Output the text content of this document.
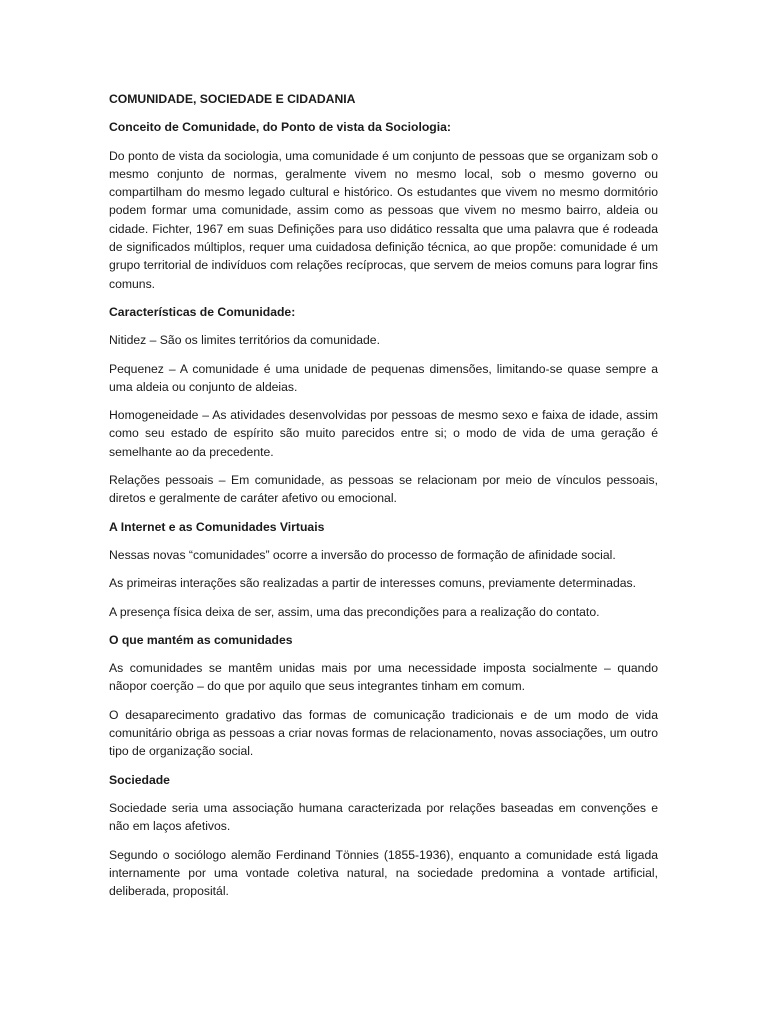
COMUNIDADE, SOCIEDADE E CIDADANIA

Conceito de Comunidade, do Ponto de vista da Sociologia:

Do ponto de vista da sociologia, uma comunidade é um conjunto de pessoas que se organizam sob o mesmo conjunto de normas, geralmente vivem no mesmo local, sob o mesmo governo ou compartilham do mesmo legado cultural e histórico. Os estudantes que vivem no mesmo dormitório podem formar uma comunidade, assim como as pessoas que vivem no mesmo bairro, aldeia ou cidade. Fichter, 1967 em suas Definições para uso didático ressalta que uma palavra que é rodeada de significados múltiplos, requer uma cuidadosa definição técnica, ao que propõe: comunidade é um grupo territorial de indivíduos com relações recíprocas, que servem de meios comuns para lograr fins comuns.

Características de Comunidade:

Nitidez – São os limites territórios da comunidade.

Pequenez – A comunidade é uma unidade de pequenas dimensões, limitando-se quase sempre a uma aldeia ou conjunto de aldeias.

Homogeneidade – As atividades desenvolvidas por pessoas de mesmo sexo e faixa de idade, assim como seu estado de espírito são muito parecidos entre si; o modo de vida de uma geração é semelhante ao da precedente.

Relações pessoais – Em comunidade, as pessoas se relacionam por meio de vínculos pessoais, diretos e geralmente de caráter afetivo ou emocional.

A Internet e as Comunidades Virtuais

Nessas novas “comunidades” ocorre a inversão do processo de formação de afinidade social.

As primeiras interações são realizadas a partir de interesses comuns, previamente determinadas.

A presença física deixa de ser, assim, uma das precondições para a realização do contato.

O que mantém as comunidades

As comunidades se mantêm unidas mais por uma necessidade imposta socialmente – quando nãopor coerção – do que por aquilo que seus integrantes tinham em comum.

O desaparecimento gradativo das formas de comunicação tradicionais e de um modo de vida comunitário obriga as pessoas a criar novas formas de relacionamento, novas associações, um outro tipo de organização social.

Sociedade

Sociedade seria uma associação humana caracterizada por relações baseadas em convenções e não em laços afetivos.

Segundo o sociólogo alemão Ferdinand Tönnies (1855-1936), enquanto a comunidade está ligada internamente por uma vontade coletiva natural, na sociedade predomina a vontade artificial, deliberada, propositál.
